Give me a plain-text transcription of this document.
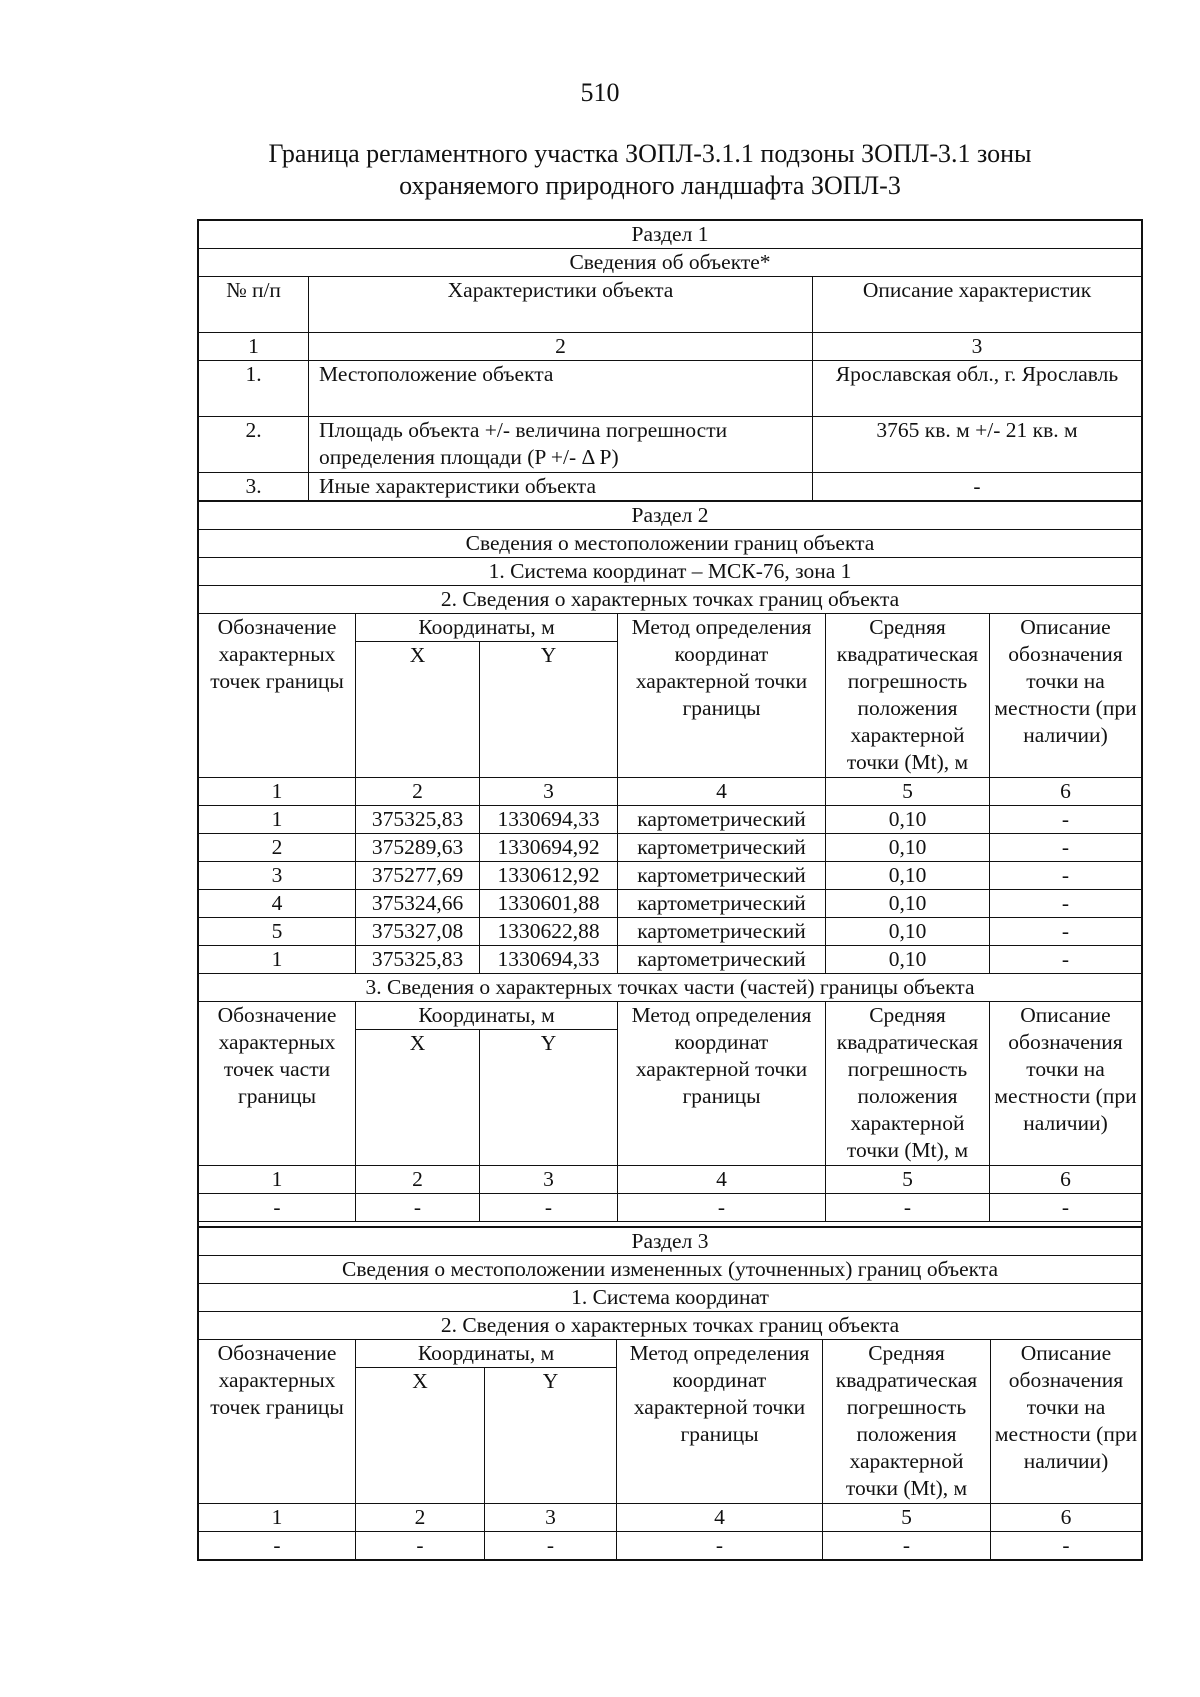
510
Граница регламентного участка ЗОПЛ-3.1.1 подзоны ЗОПЛ-3.1 зоны
охраняемого природного ландшафта ЗОПЛ-3
Раздел 1		
Сведения об объекте*		
№ п/п	Характеристики объекта	Описание характеристик
1	2	3
1.	Местоположение объекта	Ярославская обл., г. Ярославль
2.	Площадь объекта +/- величина погрешности определения площади (P +/- Δ P)	3765 кв. м +/- 21 кв. м
3.	Иные характеристики объекта	-
Раздел 2					
Сведения о местоположении границ объекта					
1. Система координат – МСК-76, зона 1					
2. Сведения о характерных точках границ объекта					
Обозначение характерных точек границы	Координаты, м		Метод определения координат характерной точки границы	Средняя квадратическая погрешность положения характерной точки (Mt), м	Описание обозначения точки на местности (при наличии)
	X	Y			
1	2	3	4	5	6
1	375325,83	1330694,33	картометрический	0,10	-
2	375289,63	1330694,92	картометрический	0,10	-
3	375277,69	1330612,92	картометрический	0,10	-
4	375324,66	1330601,88	картометрический	0,10	-
5	375327,08	1330622,88	картометрический	0,10	-
1	375325,83	1330694,33	картометрический	0,10	-
3. Сведения о характерных точках части (частей) границы объекта					
Обозначение характерных точек части границы	Координаты, м		Метод определения координат характерной точки границы	Средняя квадратическая погрешность положения характерной точки (Mt), м	Описание обозначения точки на местности (при наличии)
	X	Y			
1	2	3	4	5	6
-	-	-	-	-	-

Раздел 3					
Сведения о местоположении измененных (уточненных) границ объекта					
1. Система координат					
2. Сведения о характерных точках границ объекта					
Обозначение характерных точек границы	Координаты, м		Метод определения координат характерной точки границы	Средняя квадратическая погрешность положения характерной точки (Mt), м	Описание обозначения точки на местности (при наличии)
	X	Y			
1	2	3	4	5	6
-	-	-	-	-	-
